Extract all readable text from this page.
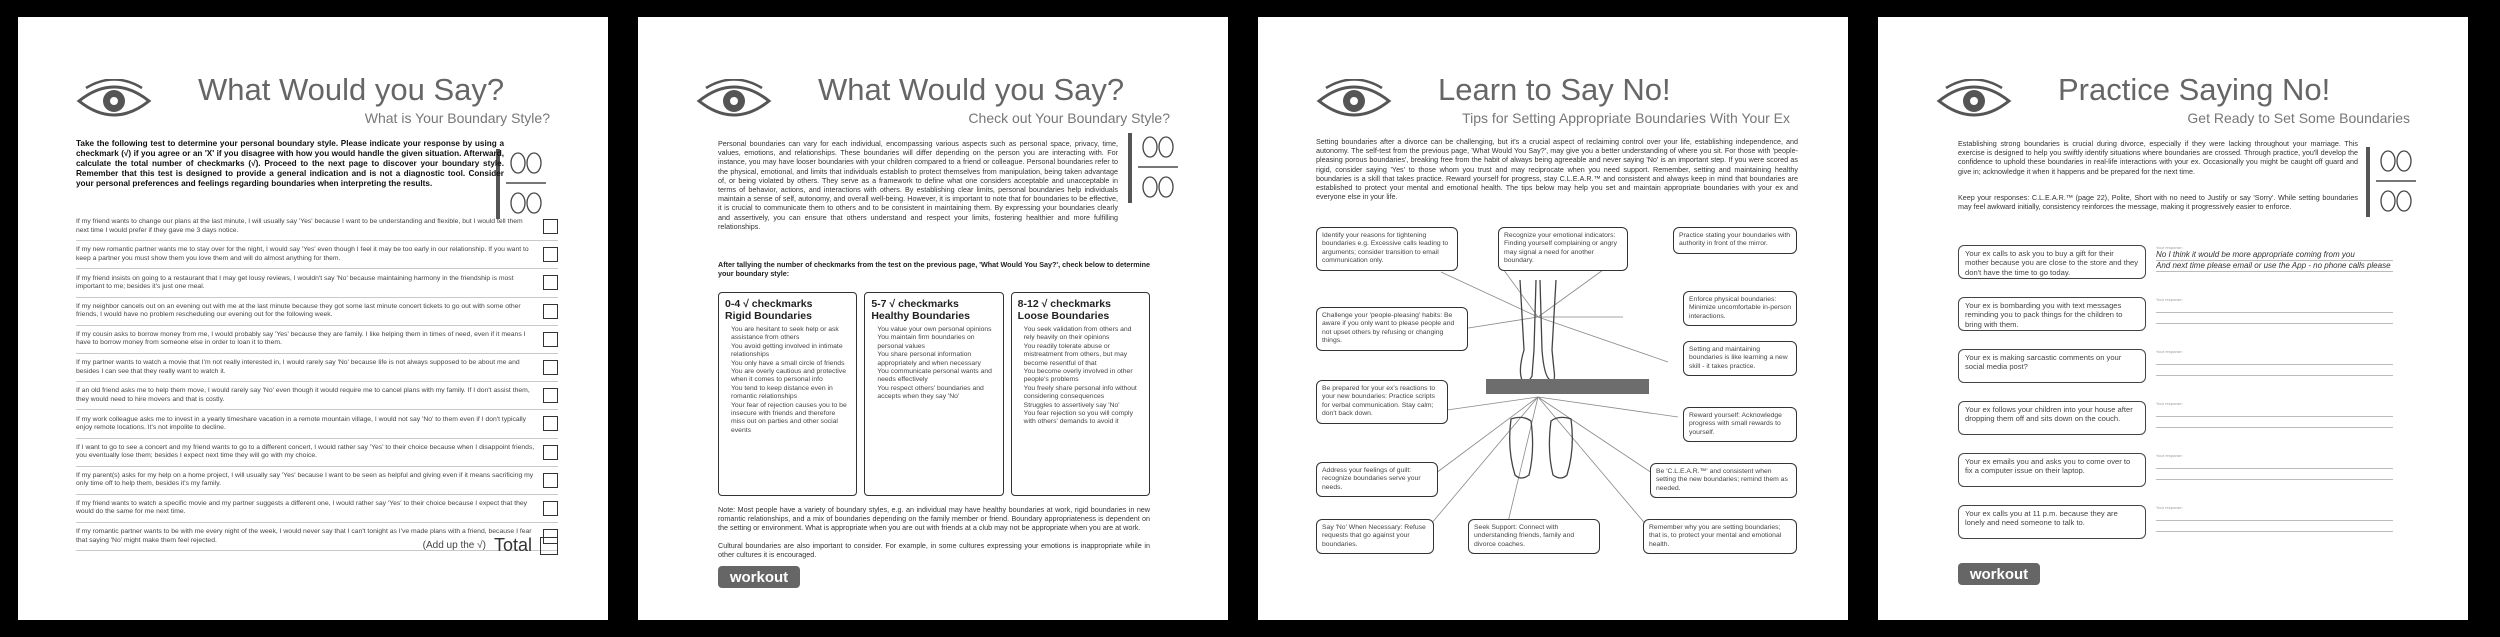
What Would you Say?
What is Your Boundary Style?
Take the following test to determine your personal boundary style. Please indicate your response by using a checkmark (√) if you agree or an 'X' if you disagree with how you would handle the given situation. Afterward, calculate the total number of checkmarks (√). Proceed to the next page to discover your boundary style. Remember that this test is designed to provide a general indication and is not a diagnostic tool. Consider your personal preferences and feelings regarding boundaries when interpreting the results.
If my friend wants to change our plans at the last minute, I will usually say 'Yes' because I want to be understanding and flexible, but I would tell them next time I would prefer if they gave me 3 days notice.
If my new romantic partner wants me to stay over for the night, I would say 'Yes' even though I feel it may be too early in our relationship. If you want to keep a partner you must show them you love them and will do almost anything for them.
If my friend insists on going to a restaurant that I may get lousy reviews, I wouldn't say 'No' because maintaining harmony in the friendship is most important to me; besides it's just one meal.
If my neighbor cancels out on an evening out with me at the last minute because they got some last minute concert tickets to go out with some other friends, I would have no problem rescheduling our evening out for the following week.
If my cousin asks to borrow money from me, I would probably say 'Yes' because they are family. I like helping them in times of need, even if it means I have to borrow money from someone else in order to loan it to them.
If my partner wants to watch a movie that I'm not really interested in, I would rarely say 'No' because life is not always supposed to be about me and besides I can see that they really want to watch it.
If an old friend asks me to help them move, I would rarely say 'No' even though it would require me to cancel plans with my family. If I don't assist them, they would need to hire movers and that is costly.
If my work colleague asks me to invest in a yearly timeshare vacation in a remote mountain village, I would not say 'No' to them even if I don't typically enjoy remote locations. It's not impolite to decline.
If I want to go to see a concert and my friend wants to go to a different concert, I would rather say 'Yes' to their choice because when I disappoint friends, you eventually lose them; besides I expect next time they will go with my choice.
If my parent(s) asks for my help on a home project, I will usually say 'Yes' because I want to be seen as helpful and giving even if it means sacrificing my only time off to help them, besides it's my family.
If my friend wants to watch a specific movie and my partner suggests a different one, I would rather say 'Yes' to their choice because I expect that they would do the same for me next time.
If my romantic partner wants to be with me every night of the week, I would never say that I can't tonight as I've made plans with a friend, because I fear that saying 'No' might make them feel rejected.	(Add up the √) Total
What Would you Say?
Check out Your Boundary Style?
Personal boundaries can vary for each individual, encompassing various aspects such as personal space, privacy, time, values, emotions, and relationships. These boundaries will differ depending on the person you are interacting with. For instance, you may have looser boundaries with your children compared to a friend or colleague. Personal boundaries refer to the physical, emotional, and limits that individuals establish to protect themselves from manipulation, being taken advantage of, or being violated by others. They serve as a framework to define what one considers acceptable and unacceptable in terms of behavior, actions, and interactions with others. By establishing clear limits, personal boundaries help individuals maintain a sense of self, autonomy, and overall well-being. However, it is important to note that for boundaries to be effective, it is crucial to communicate them to others and to be consistent in maintaining them. By expressing your boundaries clearly and assertively, you can ensure that others understand and respect your limits, fostering healthier and more fulfilling relationships.
After tallying the number of checkmarks from the test on the previous page, 'What Would You Say?', check below to determine your boundary style:
0-4 √ checkmarks
Rigid Boundaries
You are hesitant to seek help or ask assistance from others
You avoid getting involved in intimate relationships
You only have a small circle of friends
You are overly cautious and protective when it comes to personal info
You tend to keep distance even in romantic relationships
Your fear of rejection causes you to be insecure with friends and therefore miss out on parties and other social events
5-7 √ checkmarks
Healthy Boundaries
You value your own personal opinions
You maintain firm boundaries on personal values
You share personal information appropriately and when necessary
You communicate personal wants and needs effectively
You respect others' boundaries and accepts when they say 'No'
8-12 √ checkmarks
Loose Boundaries
You seek validation from others and rely heavily on their opinions
You readily tolerate abuse or mistreatment from others, but may become resentful of that
You become overly involved in other people's problems
You freely share personal info without considering consequences
Struggles to assertively say 'No'
You fear rejection so you will comply with others' demands to avoid it
Note: Most people have a variety of boundary styles, e.g. an individual may have healthy boundaries at work, rigid boundaries in new romantic relationships, and a mix of boundaries depending on the family member or friend. Boundary appropriateness is dependent on the setting or environment. What is appropriate when you are out with friends at a club may not be appropriate when you are at work.
Cultural boundaries are also important to consider. For example, in some cultures expressing your emotions is inappropriate while in other cultures it is encouraged.
workout
Learn to Say No!
Tips for Setting Appropriate Boundaries With Your Ex
Setting boundaries after a divorce can be challenging, but it's a crucial aspect of reclaiming control over your life, establishing independence, and autonomy. The self-test from the previous page, 'What Would You Say?', may give you a better understanding of where you sit. For those with 'people-pleasing porous boundaries', breaking free from the habit of always being agreeable and never saying 'No' is an important step. If you were scored as rigid, consider saying 'Yes' to those whom you trust and may reciprocate when you need support. Remember, setting and maintaining healthy boundaries is a skill that takes practice. Reward yourself for progress, stay C.L.E.A.R.™ and consistent and always keep in mind that boundaries are established to protect your mental and emotional health. The tips below may help you set and maintain appropriate boundaries with your ex and everyone else in your life.
Identify your reasons for tightening boundaries e.g. Excessive calls leading to arguments; consider transition to email communication only.
Recognize your emotional indicators: Finding yourself complaining or angry may signal a need for another boundary.
Practice stating your boundaries with authority in front of the mirror.
Challenge your 'people-pleasing' habits: Be aware if you only want to please people and not upset others by refusing or changing things.
Enforce physical boundaries: Minimize uncomfortable in-person interactions.
Setting and maintaining boundaries is like learning a new skill - it takes practice.
Be prepared for your ex's reactions to your new boundaries: Practice scripts for verbal communication. Stay calm; don't back down.	Reward yourself: Acknowledge progress with small rewards to yourself.
Address your feelings of guilt: recognize boundaries serve your needs.
Be 'C.L.E.A.R.™' and consistent when setting the new boundaries; remind them as needed.
Say 'No' When Necessary: Refuse requests that go against your boundaries.
Seek Support: Connect with understanding friends, family and divorce coaches.
Remember why you are setting boundaries; that is, to protect your mental and emotional health.
Practice Saying No!
Get Ready to Set Some Boundaries
Establishing strong boundaries is crucial during divorce, especially if they were lacking throughout your marriage. This exercise is designed to help you swiftly identify situations where boundaries are crossed. Through practice, you'll develop the confidence to uphold these boundaries in real-life interactions with your ex. Occasionally you might be caught off guard and give in; acknowledge it when it happens and be prepared for the next time.
Keep your responses: C.L.E.A.R.™ (page 22), Polite, Short with no need to Justify or say 'Sorry'. While setting boundaries may feel awkward initially, consistency reinforces the message, making it progressively easier to enforce.
Your ex calls to ask you to buy a gift for their mother because you are close to the store and they don't have the time to go today.
Your response:
No I think it would be more appropriate coming from you
And next time please email or use the App - no phone calls please
Your ex is bombarding you with text messages reminding you to pack things for the children to bring with them.
Your response:
Your ex is making sarcastic comments on your social media post?
Your response:
Your ex follows your children into your house after dropping them off and sits down on the couch.
Your response:
Your ex emails you and asks you to come over to fix a computer issue on their laptop.
Your response:
Your ex calls you at 11 p.m. because they are lonely and need someone to talk to.
Your response:
workout
